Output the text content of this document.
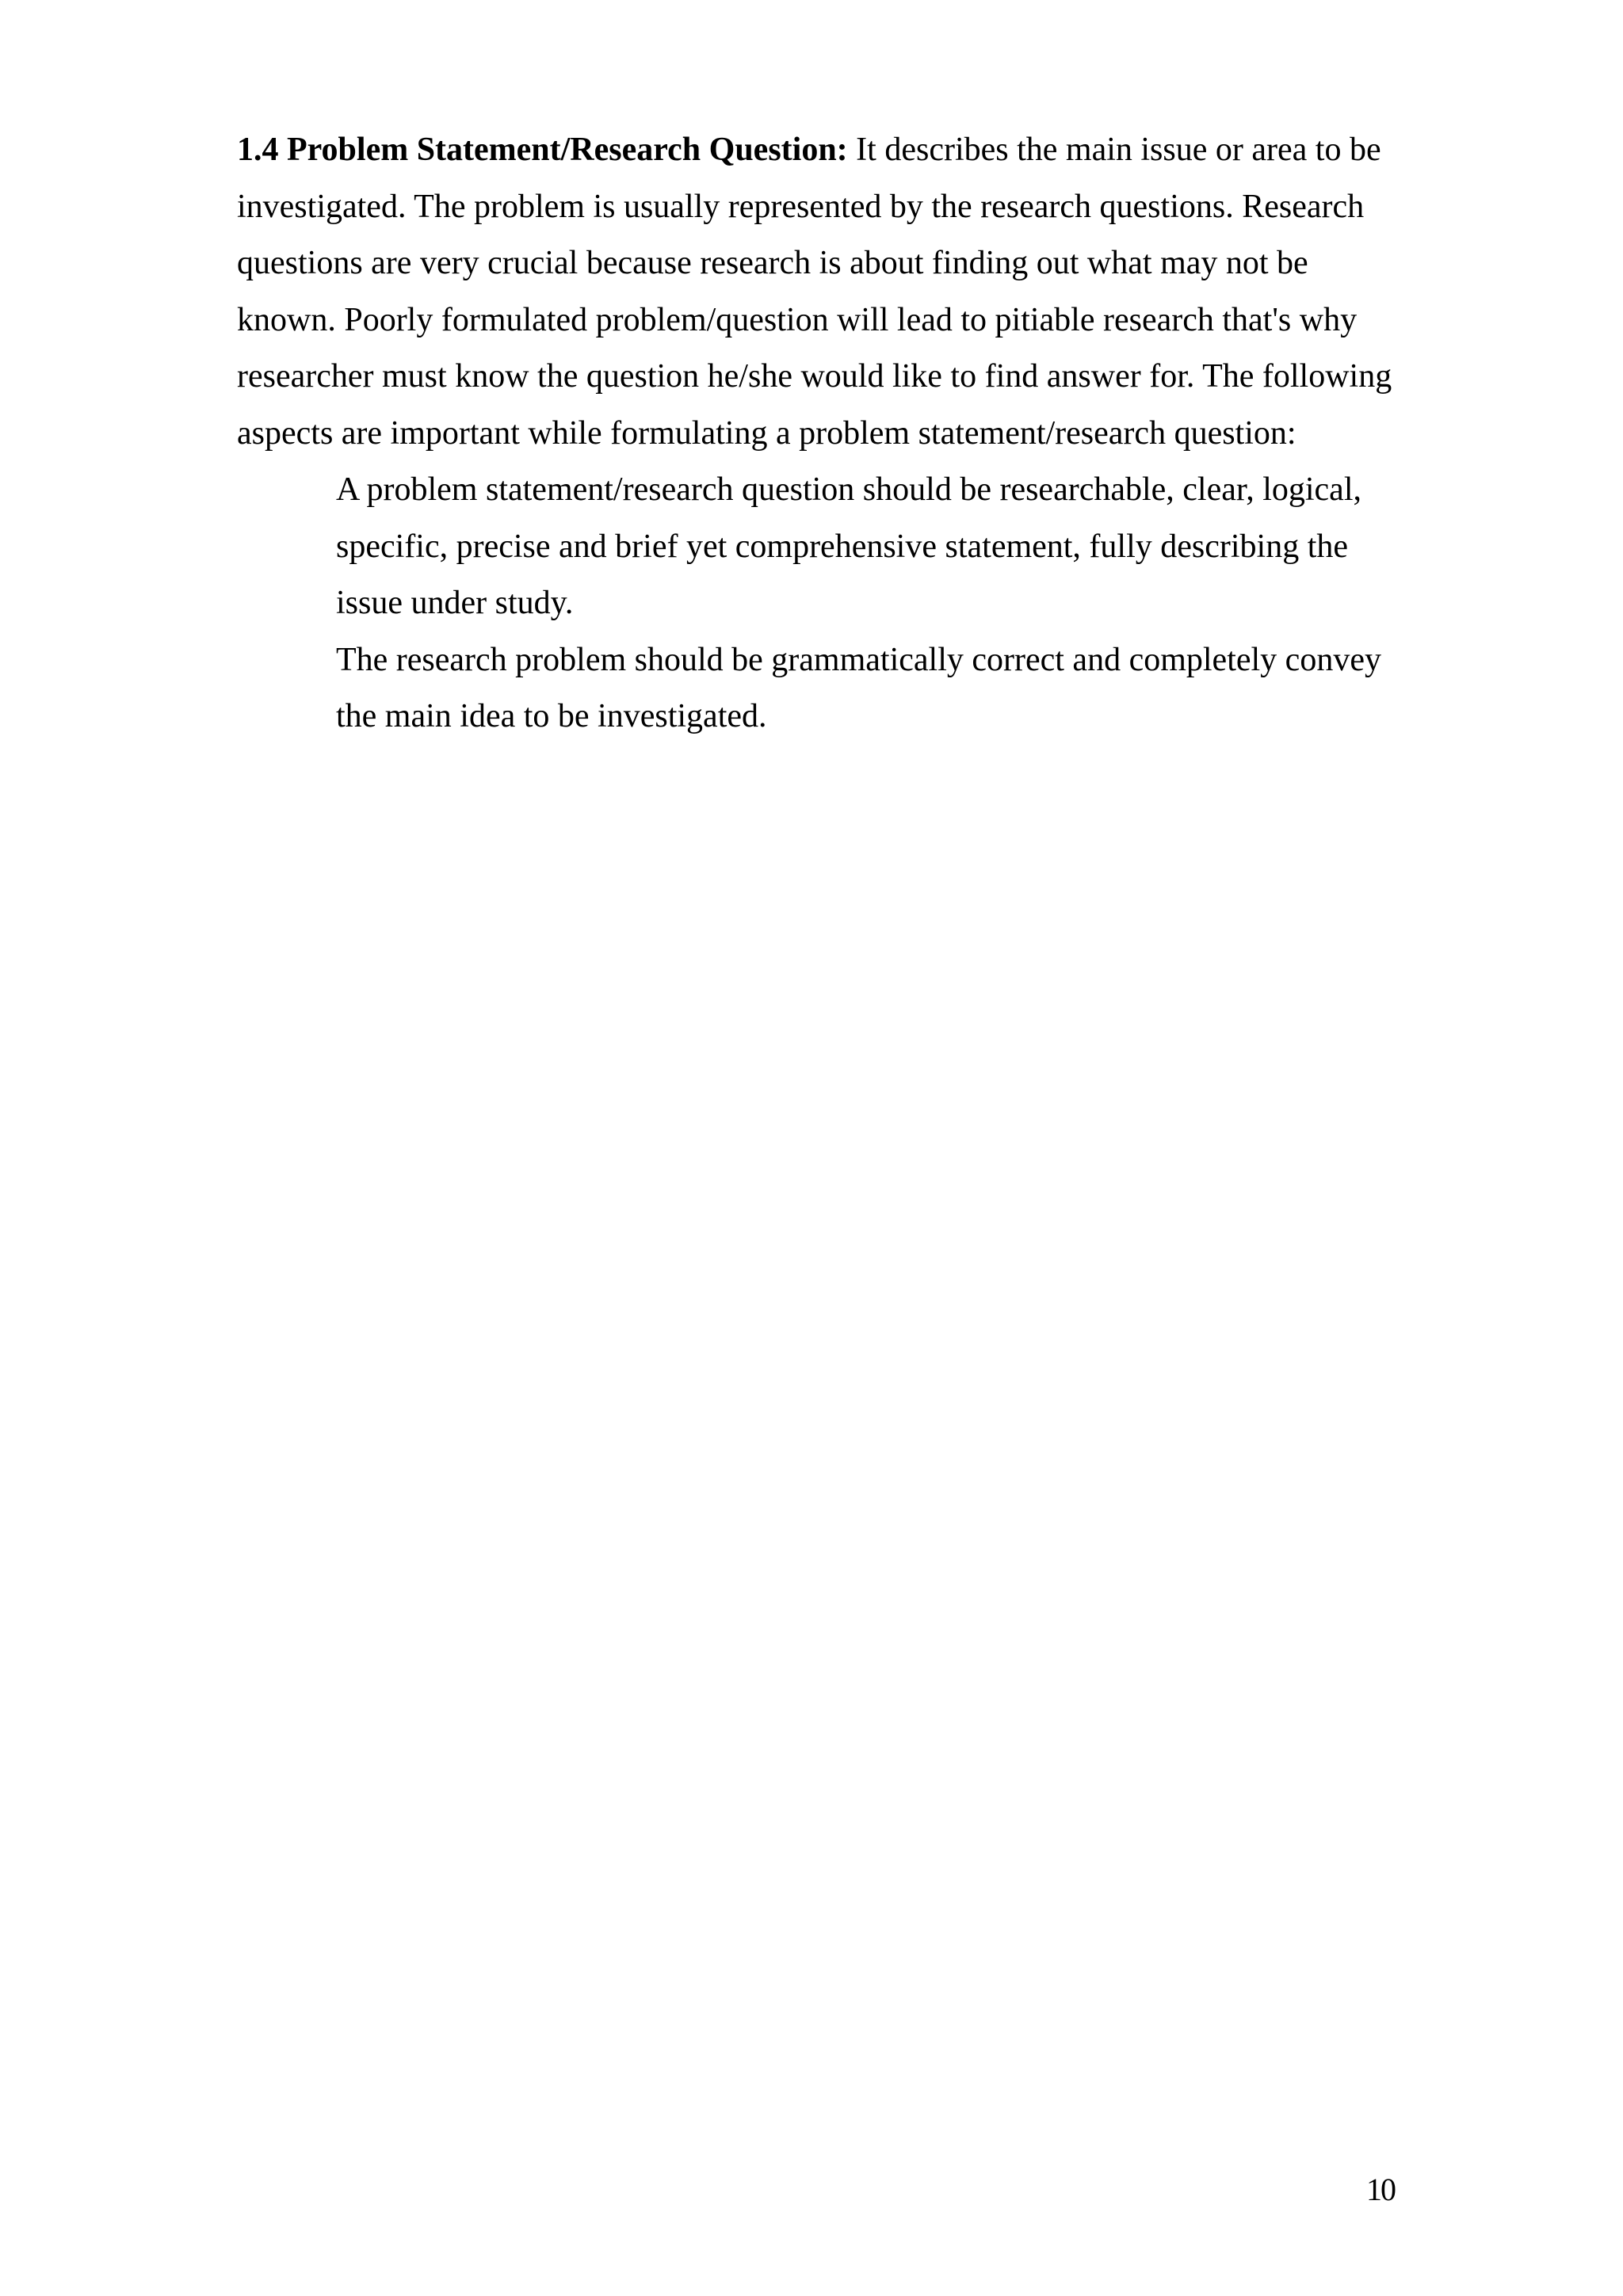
1.4 Problem Statement/Research Question: It describes the main issue or area to be
investigated. The problem is usually represented by the research questions. Research
questions are very crucial because research is about finding out what may not be
known. Poorly formulated problem/question will lead to pitiable research that's why
researcher must know the question he/she would like to find answer for. The following
aspects are important while formulating a problem statement/research question:
A problem statement/research question should be researchable, clear, logical,
specific, precise and brief yet comprehensive statement, fully describing the
issue under study.
The research problem should be grammatically correct and completely convey
the main idea to be investigated.
10
